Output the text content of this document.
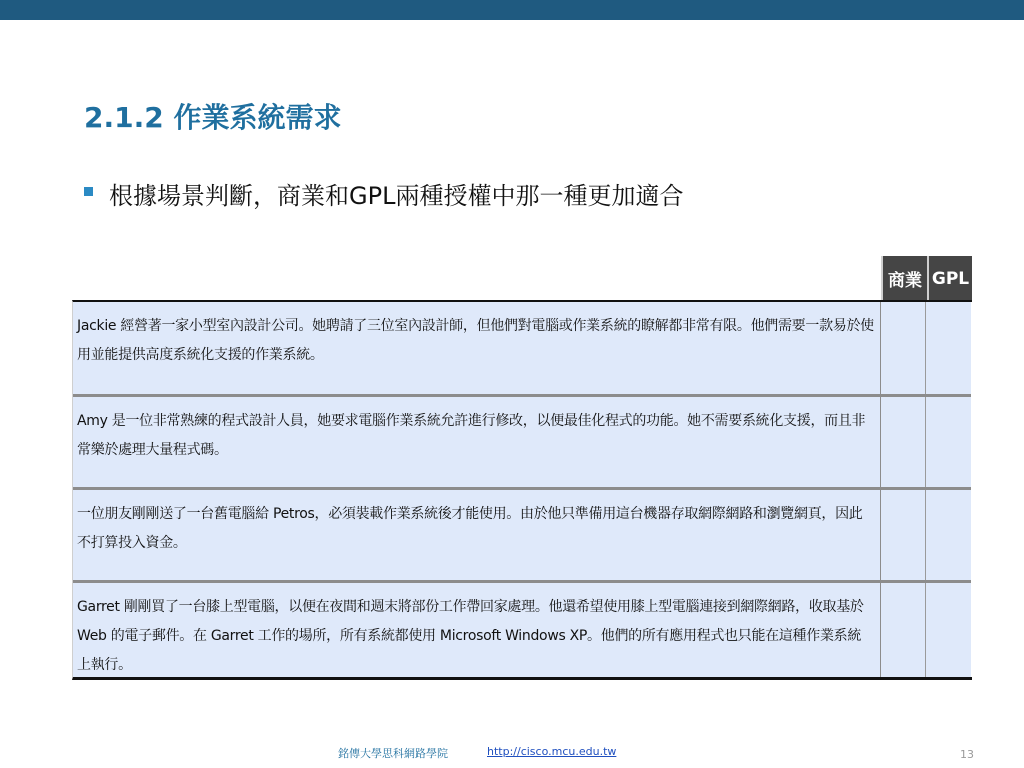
2.1.2 作業系統需求
根據場景判斷，商業和GPL兩種授權中那一種更加適合
商業 GPL
Jackie 經營著一家小型室內設計公司。她聘請了三位室內設計師，但他們對電腦或作業系統的瞭解都非常有限。他們需要一款易於使用並能提供高度系統化支援的作業系統。
Amy 是一位非常熟練的程式設計人員，她要求電腦作業系統允許進行修改，以便最佳化程式的功能。她不需要系統化支援，而且非常樂於處理大量程式碼。
一位朋友剛剛送了一台舊電腦給 Petros，必須裝載作業系統後才能使用。由於他只準備用這台機器存取網際網路和瀏覽網頁，因此不打算投入資金。
Garret 剛剛買了一台膝上型電腦，以便在夜間和週末將部份工作帶回家處理。他還希望使用膝上型電腦連接到網際網路，收取基於 Web 的電子郵件。在 Garret 工作的場所，所有系統都使用 Microsoft Windows XP。他們的所有應用程式也只能在這種作業系統上執行。
銘傳大學思科網路學院	http://cisco.mcu.edu.tw	13
